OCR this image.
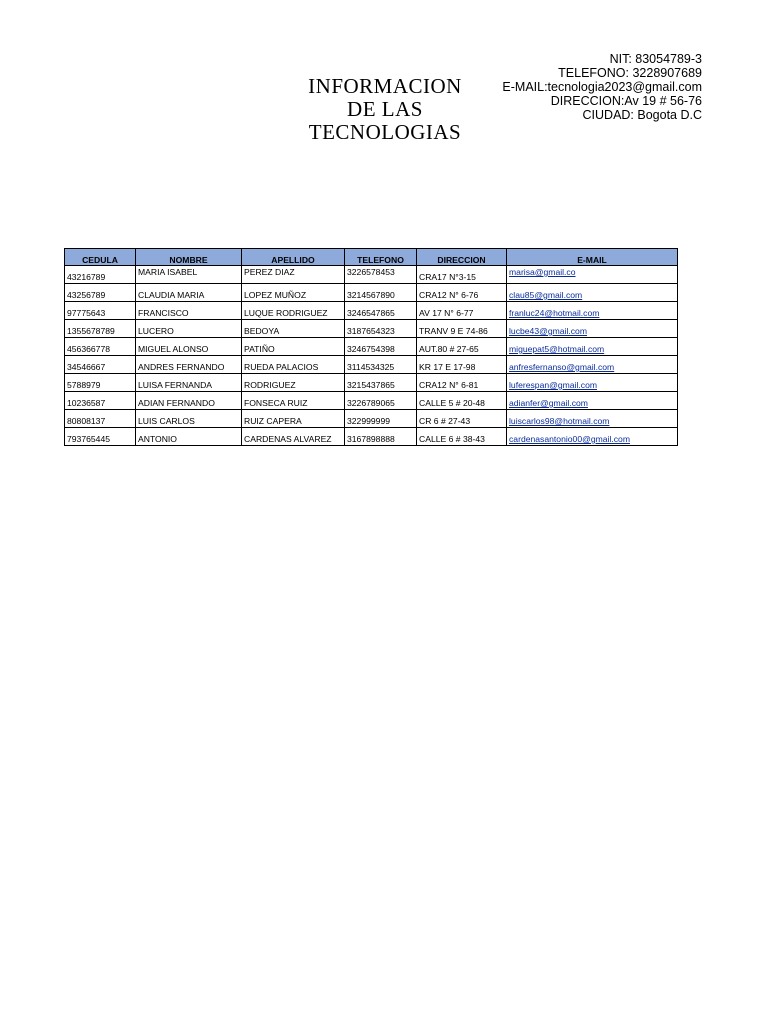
INFORMACION
DE LAS
TECNOLOGIAS
NIT: 83054789-3
TELEFONO: 3228907689
E-MAIL:tecnologia2023@gmail.com
DIRECCION:Av 19 # 56-76
CIUDAD: Bogota D.C
CEDULA	NOMBRE	APELLIDO	TELEFONO	DIRECCION	E-MAIL
43216789	MARIA ISABEL	PEREZ DIAZ	3226578453	CRA17 N°3-15	marisa@gmail.co
43256789	CLAUDIA MARIA	LOPEZ MUÑOZ	3214567890	CRA12 N° 6-76	clau85@gmail.com
97775643	FRANCISCO	LUQUE RODRIGUEZ	3246547865	AV 17 N° 6-77	franluc24@hotmail.com
1355678789	LUCERO	BEDOYA	3187654323	TRANV 9 E 74-86	lucbe43@gmail.com
456366778	MIGUEL ALONSO	PATIÑO	3246754398	AUT.80 # 27-65	miguepat5@hotmail.com
34546667	ANDRES FERNANDO	RUEDA PALACIOS	3114534325	KR 17 E 17-98	anfresfernanso@gmail.com
5788979	LUISA FERNANDA	RODRIGUEZ	3215437865	CRA12 N° 6-81	luferespan@gmail.com
10236587	ADIAN FERNANDO	FONSECA RUIZ	3226789065	CALLE 5 # 20-48	adianfer@gmail.com
80808137	LUIS CARLOS	RUIZ CAPERA	322999999	CR 6 # 27-43	luiscarlos98@hotmail.com
793765445	ANTONIO	CARDENAS ALVAREZ	3167898888	CALLE 6 # 38-43	cardenasantonio00@gmail.com
